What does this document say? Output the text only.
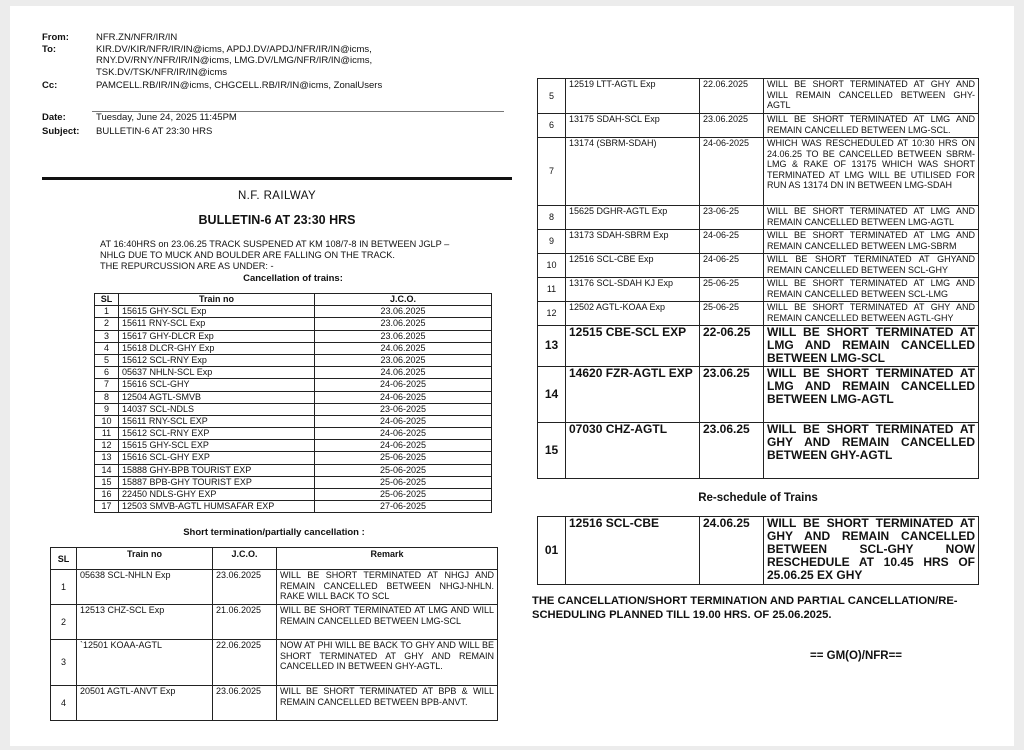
From:	NFR.ZN/NFR/IR/IN
To:	KIR.DV/KIR/NFR/IR/IN@icms, APDJ.DV/APDJ/NFR/IR/IN@icms,
RNY.DV/RNY/NFR/IR/IN@icms, LMG.DV/LMG/NFR/IR/IN@icms,
TSK.DV/TSK/NFR/IR/IN@icms
Cc:	PAMCELL.RB/IR/IN@icms, CHGCELL.RB/IR/IN@icms, ZonalUsers
Date:	Tuesday, June 24, 2025 11:45PM
Subject:	BULLETIN-6 AT 23:30 HRS
N.F. RAILWAY
BULLETIN-6 AT 23:30 HRS
AT 16:40HRS on 23.06.25 TRACK SUSPENED AT KM 108/7-8 IN BETWEEN JGLP –
NHLG DUE TO MUCK AND BOULDER ARE FALLING ON THE TRACK.
THE REPURCUSSION ARE AS UNDER: -
Cancellation of trains:
SL	Train no	J.C.O.
1	15615 GHY-SCL Exp	23.06.2025
2	15611 RNY-SCL Exp	23.06.2025
3	15617 GHY-DLCR Exp	23.06.2025
4	15618 DLCR-GHY Exp	24.06.2025
5	15612 SCL-RNY Exp	23.06.2025
6	05637 NHLN-SCL Exp	24.06.2025
7	15616 SCL-GHY	24-06-2025
8	12504 AGTL-SMVB	24-06-2025
9	14037 SCL-NDLS	23-06-2025
10	15611 RNY-SCL EXP	24-06-2025
11	15612 SCL-RNY EXP	24-06-2025
12	15615 GHY-SCL EXP	24-06-2025
13	15616 SCL-GHY EXP	25-06-2025
14	15888 GHY-BPB TOURIST EXP	25-06-2025
15	15887 BPB-GHY TOURIST EXP	25-06-2025
16	22450 NDLS-GHY EXP	25-06-2025
17	12503 SMVB-AGTL HUMSAFAR EXP	27-06-2025
Short termination/partially cancellation :
SL	Train no	J.C.O.	Remark
1	05638 SCL-NHLN Exp	23.06.2025	WILL BE SHORT TERMINATED AT NHGJ AND REMAIN CANCELLED BETWEEN NHGJ-NHLN. RAKE WILL BACK TO SCL
2	12513 CHZ-SCL Exp	21.06.2025	WILL BE SHORT TERMINATED AT LMG AND WILL REMAIN CANCELLED BETWEEN LMG-SCL
3	`12501 KOAA-AGTL	22.06.2025	NOW AT PHI WILL BE BACK TO GHY AND WILL BE SHORT TERMINATED AT GHY AND REMAIN CANCELLED IN BETWEEN GHY-AGTL.
4	20501 AGTL-ANVT Exp	23.06.2025	WILL BE SHORT TERMINATED AT BPB & WILL REMAIN CANCELLED BETWEEN BPB-ANVT.
5	12519 LTT-AGTL Exp	22.06.2025	WILL BE SHORT TERMINATED AT GHY AND WILL REMAIN CANCELLED BETWEEN GHY-AGTL
6	13175 SDAH-SCL Exp	23.06.2025	WILL BE SHORT TERMINATED AT LMG AND REMAIN CANCELLED BETWEEN LMG-SCL.
7	13174 (SBRM-SDAH)	24-06-2025	WHICH WAS RESCHEDULED AT 10:30 HRS ON 24.06.25 TO BE CANCELLED BETWEEN SBRM-LMG & RAKE OF 13175 WHICH WAS SHORT TERMINATED AT LMG WILL BE UTILISED FOR RUN AS 13174 DN IN BETWEEN LMG-SDAH
8	15625 DGHR-AGTL Exp	23-06-25	WILL BE SHORT TERMINATED AT LMG AND REMAIN CANCELLED BETWEEN LMG-AGTL
9	13173 SDAH-SBRM Exp	24-06-25	WILL BE SHORT TERMINATED AT LMG AND REMAIN CANCELLED BETWEEN LMG-SBRM
10	12516 SCL-CBE Exp	24-06-25	WILL BE SHORT TERMINATED AT GHYAND REMAIN CANCELLED BETWEEN SCL-GHY
11	13176 SCL-SDAH KJ Exp	25-06-25	WILL BE SHORT TERMINATED AT LMG AND REMAIN CANCELLED BETWEEN SCL-LMG
12	12502 AGTL-KOAA Exp	25-06-25	WILL BE SHORT TERMINATED AT GHY AND REMAIN CANCELLED BETWEEN AGTL-GHY
13	12515 CBE-SCL EXP	22-06.25	WILL BE SHORT TERMINATED AT LMG AND REMAIN CANCELLED BETWEEN LMG-SCL
14	14620 FZR-AGTL EXP	23.06.25	WILL BE SHORT TERMINATED AT LMG AND REMAIN CANCELLED BETWEEN LMG-AGTL
15	07030 CHZ-AGTL	23.06.25	WILL BE SHORT TERMINATED AT GHY AND REMAIN CANCELLED BETWEEN GHY-AGTL
Re-schedule of Trains
01	12516 SCL-CBE	24.06.25	WILL BE SHORT TERMINATED AT GHY AND REMAIN CANCELLED BETWEEN SCL-GHY NOW RESCHEDULE AT 10.45 HRS OF 25.06.25 EX GHY
THE CANCELLATION/SHORT TERMINATION AND PARTIAL CANCELLATION/RE-SCHEDULING PLANNED TILL 19.00 HRS. OF 25.06.2025.
== GM(O)/NFR==
